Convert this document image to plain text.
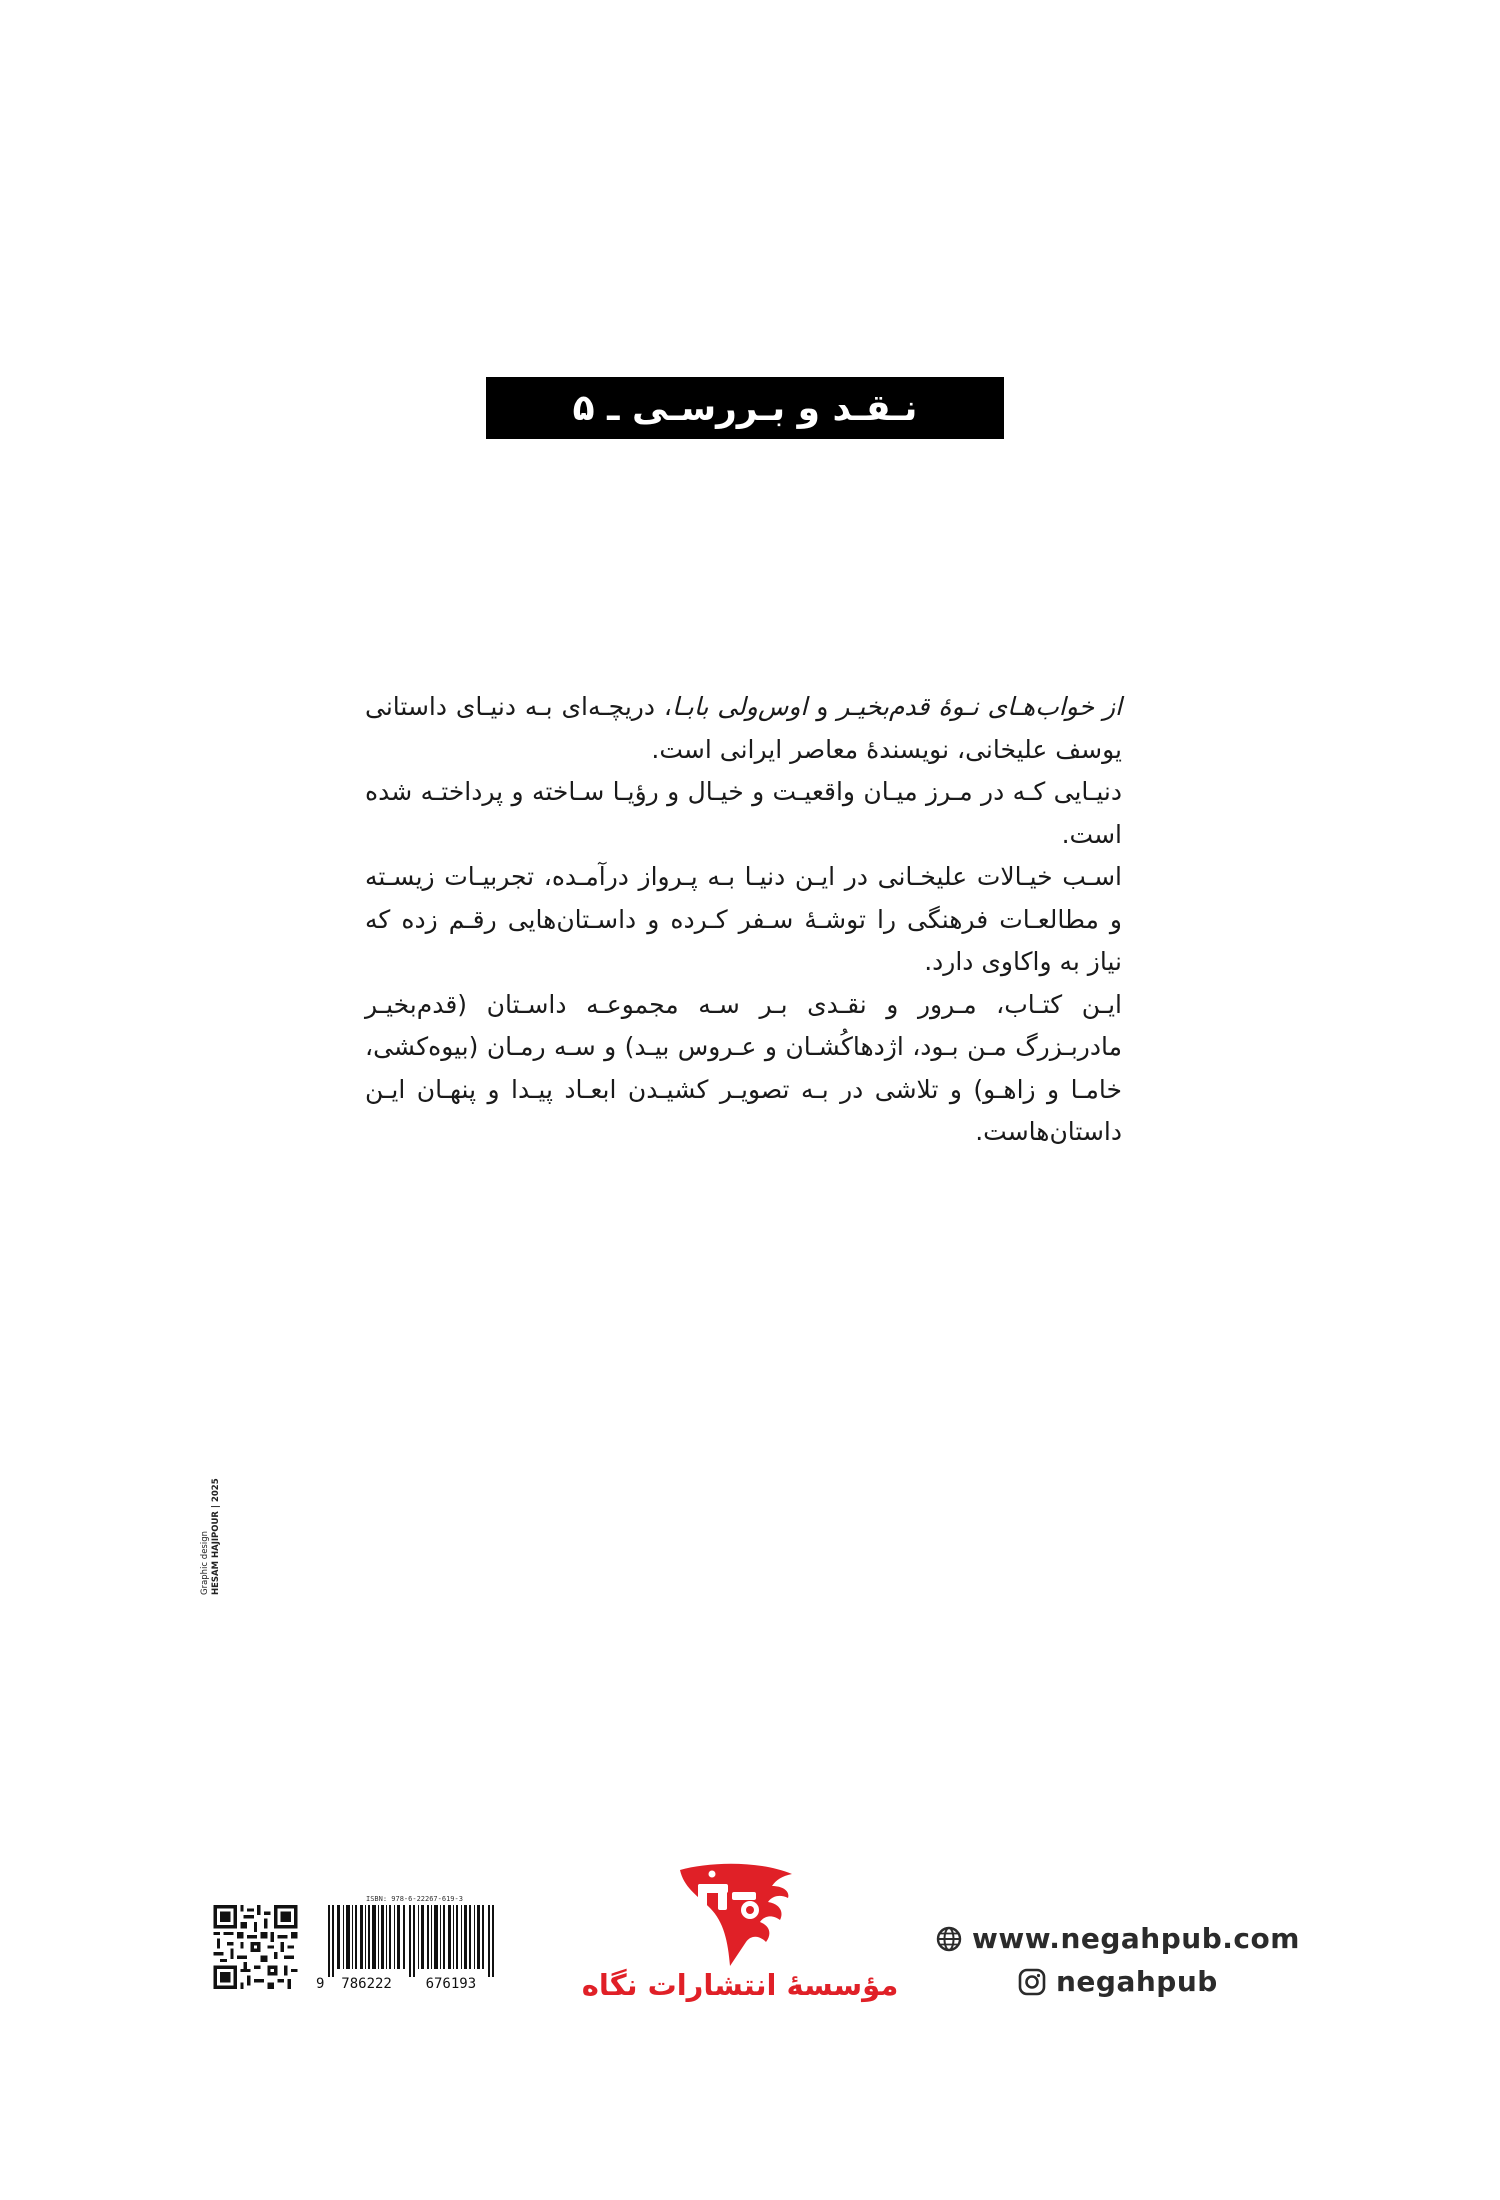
نـقـد و بـررسـی ـ ۵

از خواب‌هـای نـوهٔ قدم‌بخیـر و اوس‌ولی بابـا، دریچـه‌ای بـه دنیـای داستانی یوسف علیخانی، نویسندهٔ معاصر ایرانی است.

دنیـایی کـه در مـرز میـان واقعیـت و خیـال و رؤیـا سـاخته و پرداختـه شده است.

اسـب خیـالات علیخـانی در ایـن دنیـا بـه پـرواز درآمـده، تجربیـات زیسـته و مطالعـات فرهنگی را توشـهٔ سـفر کـرده و داسـتان‌هایی رقـم زده که نیاز به واکاوی دارد.

ایـن کتـاب، مـرور و نقـدی بـر سـه مجموعـه داسـتان (قدم‌بخیـر مادربـزرگ مـن بـود، اژدهاکُشـان و عـروس بیـد) و سـه رمـان (بیوه‌کشی، خامـا و زاهـو) و تلاشی در بـه تصویـر کشیـدن ابعـاد پیـدا و پنهـان ایـن داستان‌هاست.

Graphic design HESAM HAJIPOUR | 2025
ISBN: 978-6-22267-619-3
9  786222    676193	مؤسسهٔ انتشارات نگاه
www.negahpub.com
negahpub
